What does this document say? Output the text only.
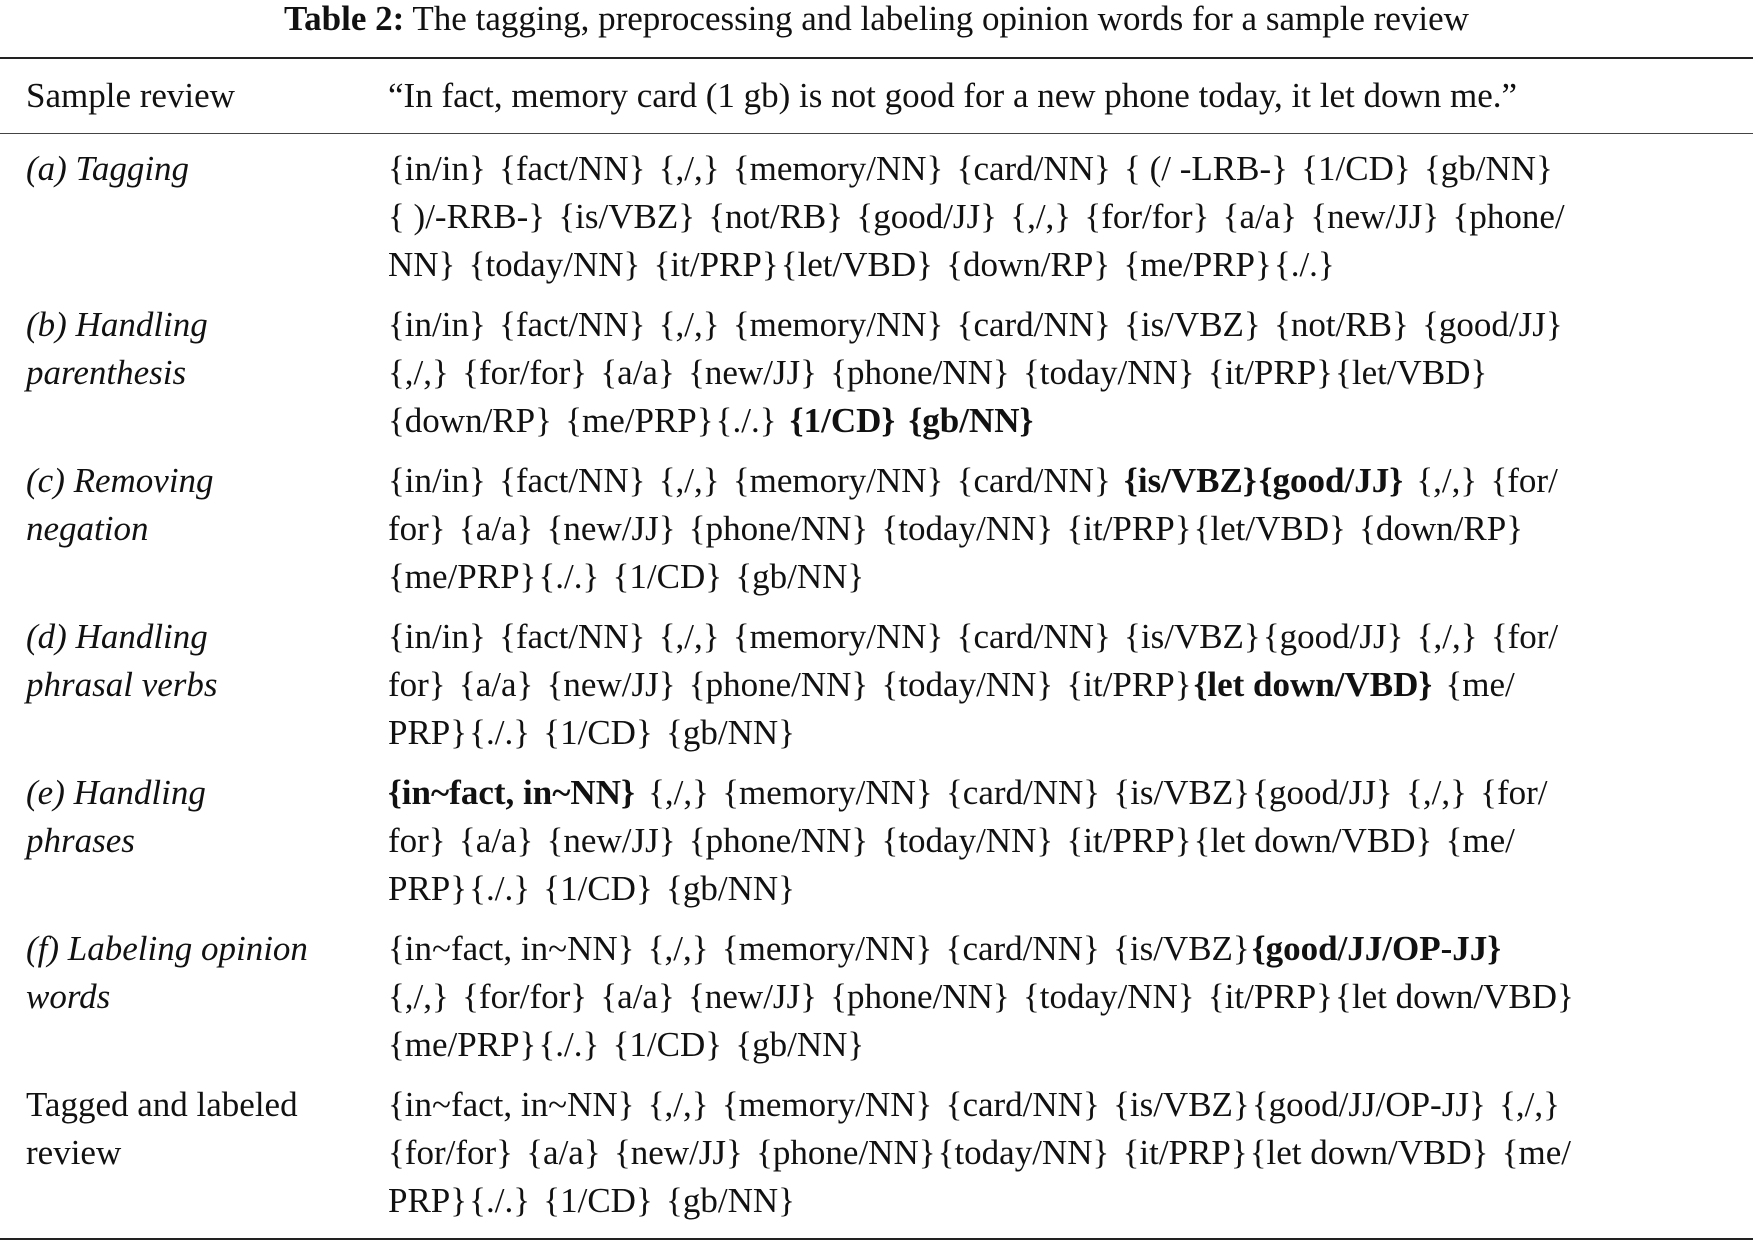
Table 2: The tagging, preprocessing and labeling opinion words for a sample review
Sample review	“In fact, memory card (1 gb) is not good for a new phone today, it let down me.”
(a) Tagging	{in/in} {fact/NN} {,/,} {memory/NN} {card/NN} { (/ -LRB-} {1/CD} {gb/NN}
{ )/-RRB-} {is/VBZ} {not/RB} {good/JJ} {,/,} {for/for} {a/a} {new/JJ} {phone/
NN} {today/NN} {it/PRP}{let/VBD} {down/RP} {me/PRP}{./.}
(b) Handling
parenthesis
{in/in} {fact/NN} {,/,} {memory/NN} {card/NN} {is/VBZ} {not/RB} {good/JJ}
{,/,} {for/for} {a/a} {new/JJ} {phone/NN} {today/NN} {it/PRP}{let/VBD}
{down/RP} {me/PRP}{./.} {1/CD} {gb/NN}
(c) Removing
negation
{in/in} {fact/NN} {,/,} {memory/NN} {card/NN} {is/VBZ}{good/JJ} {,/,} {for/
for} {a/a} {new/JJ} {phone/NN} {today/NN} {it/PRP}{let/VBD} {down/RP}
{me/PRP}{./.} {1/CD} {gb/NN}
(d) Handling
phrasal verbs
{in/in} {fact/NN} {,/,} {memory/NN} {card/NN} {is/VBZ}{good/JJ} {,/,} {for/
for} {a/a} {new/JJ} {phone/NN} {today/NN} {it/PRP}{let down/VBD} {me/
PRP}{./.} {1/CD} {gb/NN}
(e) Handling
phrases
{in~fact, in~NN} {,/,} {memory/NN} {card/NN} {is/VBZ}{good/JJ} {,/,} {for/
for} {a/a} {new/JJ} {phone/NN} {today/NN} {it/PRP}{let down/VBD} {me/
PRP}{./.} {1/CD} {gb/NN}
(f) Labeling opinion
words
{in~fact, in~NN} {,/,} {memory/NN} {card/NN} {is/VBZ}{good/JJ/OP-JJ}
{,/,} {for/for} {a/a} {new/JJ} {phone/NN} {today/NN} {it/PRP}{let down/VBD}
{me/PRP}{./.} {1/CD} {gb/NN}
Tagged and labeled
review
{in~fact, in~NN} {,/,} {memory/NN} {card/NN} {is/VBZ}{good/JJ/OP-JJ} {,/,}
{for/for} {a/a} {new/JJ} {phone/NN}{today/NN} {it/PRP}{let down/VBD} {me/
PRP}{./.} {1/CD} {gb/NN}
